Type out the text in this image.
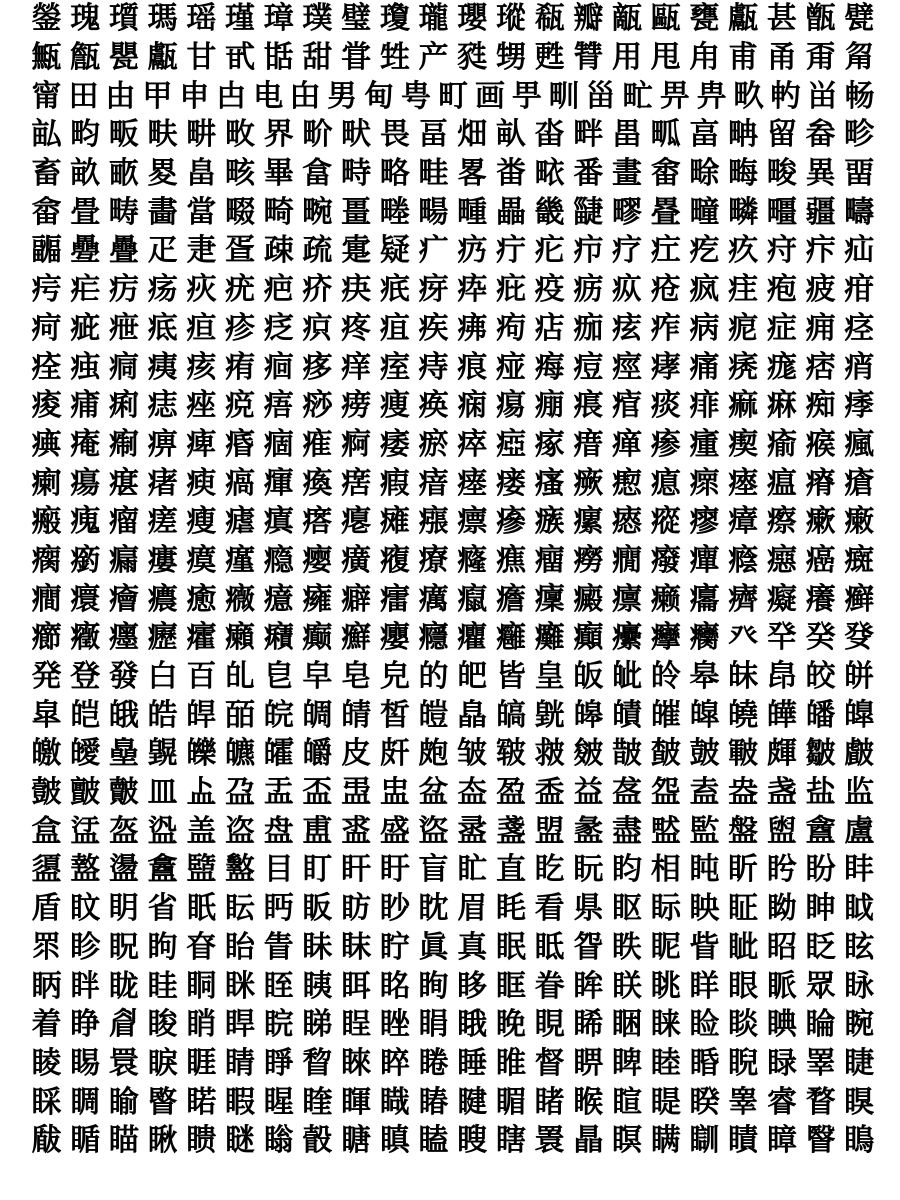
鎣 瑰 瓆 瑪 瑶 瑾 璋 璞 璧 瓊 瓏 瓔 瑽 瓻 瓣 甋 甌 甕 甗 甚 甑 甓
甒 甔 甖 甗 甘 甙 甛 甜 甞 甡 产 甤 甥 甦 甧 用 甩 甪 甫 甬 甭 甮
甯 田 由 甲 申 甴 电 甶 男 甸 甹 町 画 甼 甽 甾 甿 畀 畁 畂 畃 畄 畅
畆 畇 畈 畉 畊 畋 界 畍 畎 畏 畐 畑 畒 畓 畔 畕 畖 畗 畘 留 畚 畛
畜 畝 畞 畟 畠 畡 畢 畣 畤 略 畦 畧 畨 畩 番 畫 畬 畭 畮 畯 異 畱
畲 畳 畴 畵 當 畷 畸 畹 畺 畻 畼 畽 畾 畿 疀 疁 疂 疃 疄 疅 疆 疇
疈 疉 疊 疋 疌 疍 疎 疏 疐 疑 疒 疓 疔 疕 疖 疗 疘 疙 疚 疛 疜 疝
疞 疟 疠 疡 疢 疣 疤 疥 疦 疧 疨 疩 疪 疫 疬 疭 疮 疯 疰 疱 疲 疳
疴 疵 疶 疷 疸 疹 疺 疻 疼 疽 疾 疿 痀 痁 痂 痃 痄 病 痆 症 痈 痉
痊 痋 痌 痍 痎 痏 痐 痑 痒 痓 痔 痕 痖 痗 痘 痙 痚 痛 痜 痝 痞 痟
痠 痡 痢 痣 痤 痥 痦 痧 痨 痩 痪 痫 痬 痭 痮 痯 痰 痱 痲 痳 痴 痵
痶 痷 痸 痹 痺 痻 痼 痽 痾 痿 瘀 瘁 瘂 瘃 瘄 瘅 瘆 瘇 瘈 瘉 瘊 瘋
瘌 瘍 瘎 瘏 瘐 瘑 瘒 瘓 瘔 瘕 瘖 瘗 瘘 瘙 瘚 瘛 瘜 瘝 瘞 瘟 瘠 瘡
瘢 瘣 瘤 瘥 瘦 瘧 瘨 瘩 瘪 瘫 瘬 瘭 瘮 瘯 瘰 瘱 瘲 瘳 瘴 瘵 瘶 瘷
瘸 瘹 瘺 瘻 瘼 瘽 瘾 瘿 癀 癁 療 癃 癄 癅 癆 癇 癈 癉 癊 癋 癌 癍
癎 癏 癐 癑 癒 癓 癔 癕 癖 癗 癘 癙 癚 癛 癜 癝 癞 癟 癠 癡 癢 癣
癤 癥 癦 癧 癨 癩 癪 癫 癬 癭 癮 癯 癰 癱 癲 癳 癴 癵 癶 癷 癸 癹
発 登 發 白 百 癿 皀 皁 皂 皃 的 皅 皆 皇 皈 皉 皊 皋 皌 皍 皎 皏
皐 皑 皒 皓 皔 皕 皖 皗 皘 皙 皚 皛 皜 皝 皞 皟 皠 皡 皢 皣 皤 皥
皦 皧 皨 皩 皪 皫 皬 皭 皮 皯 皰 皱 皲 皳 皴 皵 皶 皷 皸 皹 皺 皻
皼 皽 皾 皿 盀 盁 盂 盃 盄 盅 盆 盇 盈 盉 益 盋 盌 盍 盎 盏 盐 监
盒 盓 盔 盕 盖 盗 盘 盙 盚 盛 盜 盝 盞 盟 盠 盡 盢 監 盤 盥 盦 盧
盨 盩 盪 盫 盬 盭 目 盯 盰 盱 盲 盳 直 盵 盶 盷 相 盹 盺 盻 盼 盽
盾 盿 眀 省 眂 眃 眄 眅 眆 眇 眈 眉 眊 看 県 眍 眎 眏 眐 眑 眒 眓
眔 眕 眖 眗 眘 眙 眚 眛 眜 眝 眞 真 眠 眡 眢 眣 眤 眥 眦 眧 眨 眩
眪 眫 眬 眭 眮 眯 眰 眱 眲 眳 眴 眵 眶 眷 眸 眹 眺 眻 眼 眽 眾 眿
着 睁 睂 睃 睄 睅 睆 睇 睈 睉 睊 睋 睌 睍 睎 睏 睐 睑 睒 睓 睔 睕
睖 睗 睘 睙 睚 睛 睜 睝 睞 睟 睠 睡 睢 督 睤 睥 睦 睧 睨 睩 睪 睫
睬 睭 睮 睯 睰 睱 睲 睳 睴 睵 睶 睷 睸 睹 睺 睻 睼 睽 睾 睿 瞀 瞁
瞂 瞃 瞄 瞅 瞆 瞇 瞈 瞉 瞊 瞋 瞌 瞍 瞎 瞏 瞐 瞑 瞒 瞓 瞔 瞕 瞖 瞗
